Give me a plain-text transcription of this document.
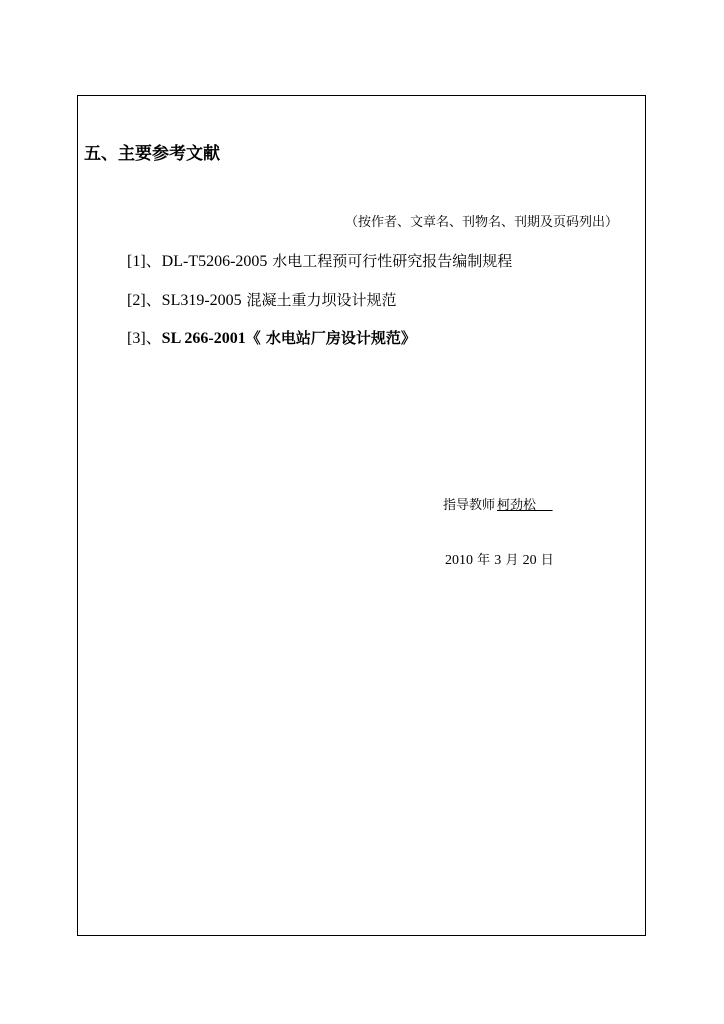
五、主要参考文献
（按作者、文章名、刊物名、刊期及页码列出）
[1]、DL-T5206-2005 水电工程预可行性研究报告编制规程
[2]、SL319-2005 混凝土重力坝设计规范
[3]、SL 266-2001《 水电站厂房设计规范》
指导教师 柯劲松
2010 年 3 月 20 日
